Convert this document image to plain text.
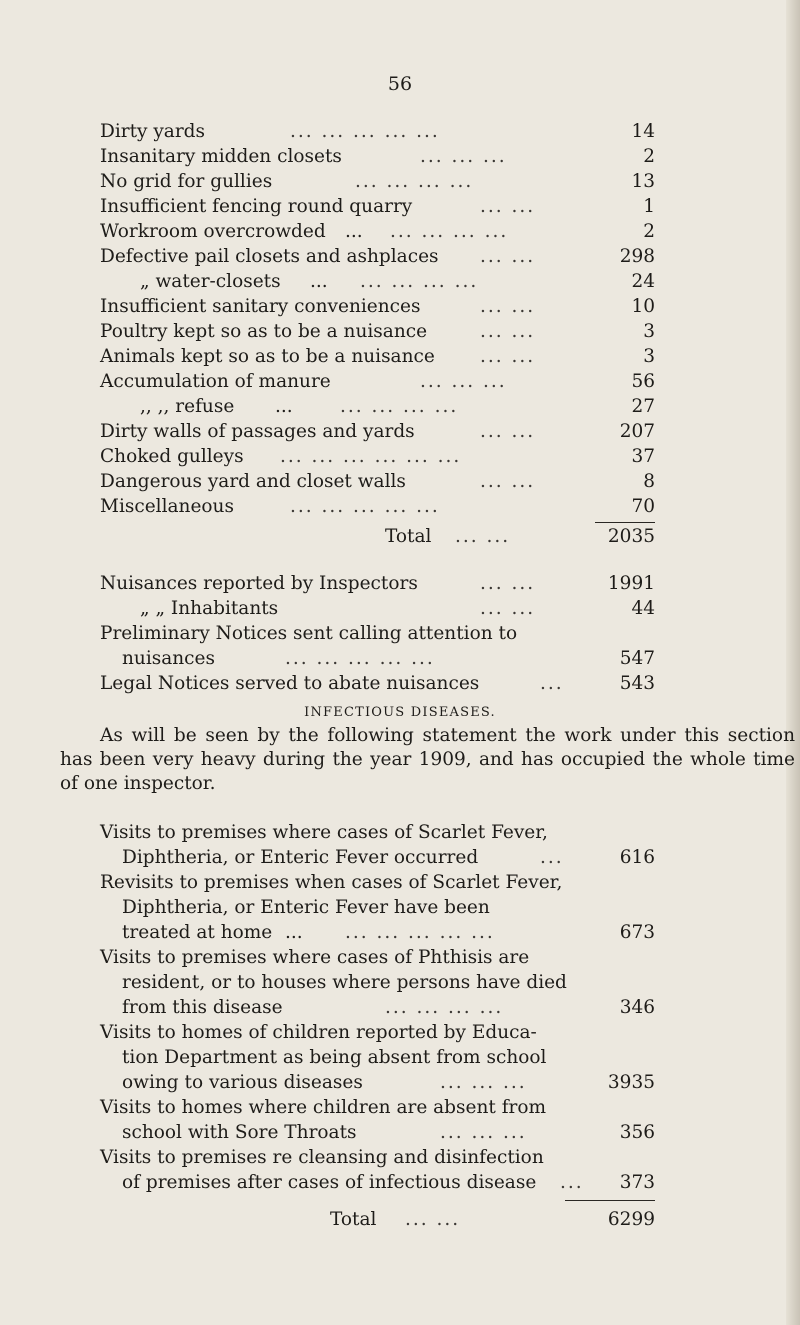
56
Dirty yards	... ... ... ... ...	14
Insanitary midden closets	... ... ...	2
No grid for gullies	... ... ... ...	13
Insufficient fencing round quarry	... ...	1
Workroom overcrowded ... ... ... ... ...	2
Defective pail closets and ashplaces ... ...	298
„ water-closets ... ... ... ... ...	24
Insufficient sanitary conveniences	... ...	10
Poultry kept so as to be a nuisance	... ...	3
Animals kept so as to be a nuisance ... ...	3
Accumulation of manure	... ... ...	56
,, ,, refuse ...	... ... ... ...	27
Dirty walls of passages and yards	... ...	207
Choked gulleys ... ... ... ... ... ...	37
Dangerous yard and closet walls	... ...	8
Miscellaneous	... ... ... ... ...	70
Total ... ...	2035
Nuisances reported by Inspectors	... ...	1991
„ „ Inhabitants	... ...	44
Preliminary Notices sent calling attention to
nuisances	... ... ... ... ...	547
Legal Notices served to abate nuisances	...	543
INFECTIOUS DISEASES.
As will be seen by the following statement the work under this section has been very heavy during the year 1909, and has occupied the whole time of one inspector.
Visits to premises where cases of Scarlet Fever,
Diphtheria, or Enteric Fever occurred	...	616
Revisits to premises when cases of Scarlet Fever,
Diphtheria, or Enteric Fever have been
treated at home ... ... ... ... ... ...	673
Visits to premises where cases of Phthisis are
resident, or to houses where persons have died
from this disease	... ... ... ...	346
Visits to homes of children reported by Educa-
tion Department as being absent from school
owing to various diseases	... ... ...	3935
Visits to homes where children are absent from
school with Sore Throats	... ... ...	356
Visits to premises re cleansing and disinfection
of premises after cases of infectious disease ...	373
Total ... ...	6299
